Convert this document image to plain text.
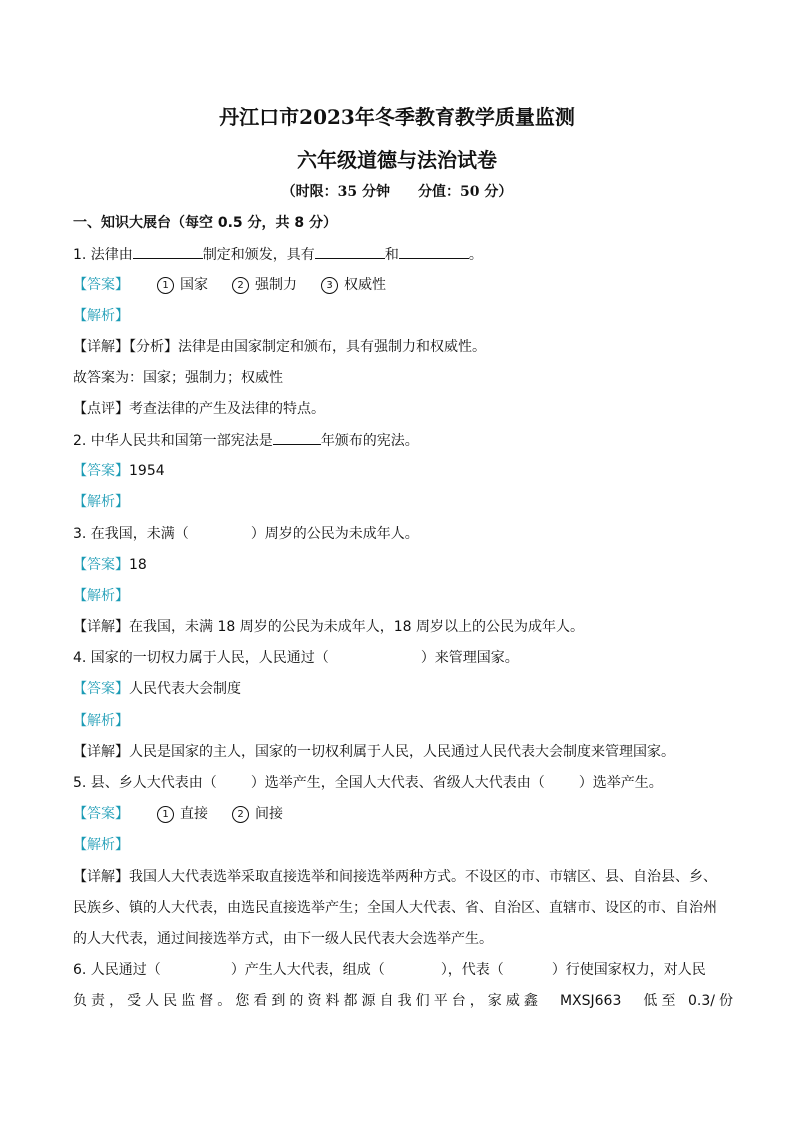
丹江口市2023年冬季教育教学质量监测
六年级道德与法治试卷
（时限：35 分钟　　分值：50 分）
一、知识大展台（每空 0.5 分，共 8 分）
1. 法律由	制定和颁发，具有	和	。
【答案】	1 国家	2 强制力	3 权威性
【解析】
【详解】【分析】法律是由国家制定和颁布，具有强制力和权威性。
故答案为：国家；强制力；权威性
【点评】考查法律的产生及法律的特点。
2. 中华人民共和国第一部宪法是	年颁布的宪法。
【答案】1954
【解析】
3. 在我国，未满（	）周岁的公民为未成年人。
【答案】18
【解析】
【详解】在我国，未满 18 周岁的公民为未成年人，18 周岁以上的公民为成年人。
4. 国家的一切权力属于人民，人民通过（	）来管理国家。
【答案】人民代表大会制度
【解析】
【详解】人民是国家的主人，国家的一切权利属于人民，人民通过人民代表大会制度来管理国家。
5. 县、乡人大代表由（ ）选举产生，全国人大代表、省级人大代表由（ ）选举产生。
【答案】	1 直接	2 间接
【解析】
【详解】我国人大代表选举采取直接选举和间接选举两种方式。不设区的市、市辖区、县、自治县、乡、
民族乡、镇的人大代表，由选民直接选举产生；全国人大代表、省、自治区、直辖市、设区的市、自治州
的人大代表，通过间接选举方式，由下一级人民代表大会选举产生。
6. 人民通过（	）产生人大代表，组成（	），代表（	）行使国家权力，对人民
负责，受人民监督。您看到的资料都源自我们平台，家威鑫　MXSJ663　低至 0.3/份
